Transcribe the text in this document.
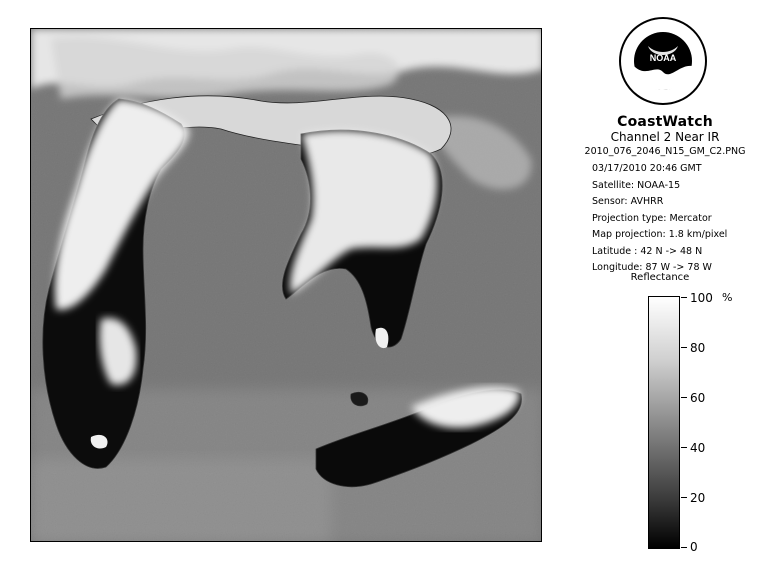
NOAA
CoastWatch
Channel 2 Near IR
2010_076_2046_N15_GM_C2.PNG
03/17/2010 20:46 GMT
Satellite: NOAA-15
Sensor: AVHRR
Projection type: Mercator
Map projection: 1.8 km/pixel
Latitude : 42 N -> 48 N
Longitude: 87 W -> 78 W
Reflectance
%
100
80
60
40
20
0
